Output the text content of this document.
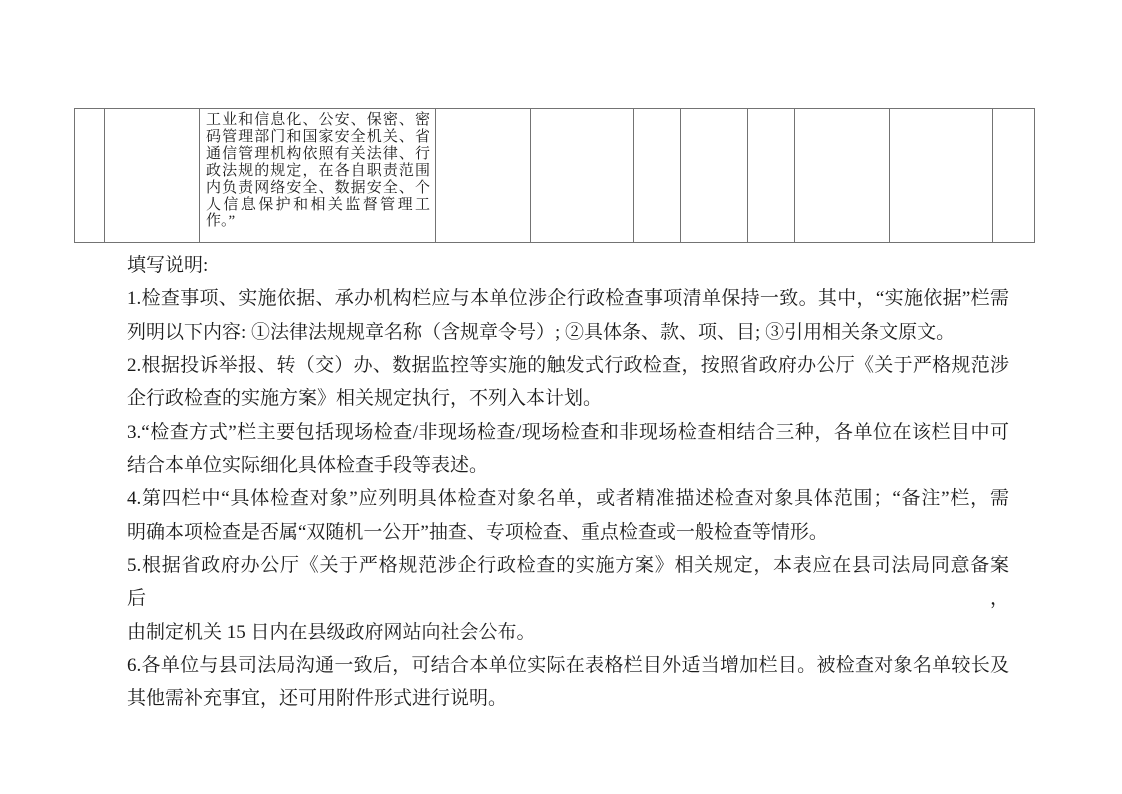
工业和信息化、公安、保密、密
码管理部门和国家安全机关、省
通信管理机构依照有关法律、行
政法规的规定，在各自职责范围
内负责网络安全、数据安全、个
人信息保护和相关监督管理工
作。”

填写说明:
1.检查事项、实施依据、承办机构栏应与本单位涉企行政检查事项清单保持一致。其中，“实施依据”栏需
列明以下内容: ①法律法规规章名称（含规章令号）; ②具体条、款、项、目; ③引用相关条文原文。
2.根据投诉举报、转（交）办、数据监控等实施的触发式行政检查，按照省政府办公厅《关于严格规范涉
企行政检查的实施方案》相关规定执行，不列入本计划。
3.“检查方式”栏主要包括现场检查/非现场检查/现场检查和非现场检查相结合三种，各单位在该栏目中可
结合本单位实际细化具体检查手段等表述。
4.第四栏中“具体检查对象”应列明具体检查对象名单，或者精准描述检查对象具体范围；“备注”栏，需
明确本项检查是否属“双随机一公开”抽查、专项检查、重点检查或一般检查等情形。
5.根据省政府办公厅《关于严格规范涉企行政检查的实施方案》相关规定，本表应在县司法局同意备案后，
由制定机关 15 日内在县级政府网站向社会公布。
6.各单位与县司法局沟通一致后，可结合本单位实际在表格栏目外适当增加栏目。被检查对象名单较长及
其他需补充事宜，还可用附件形式进行说明。
